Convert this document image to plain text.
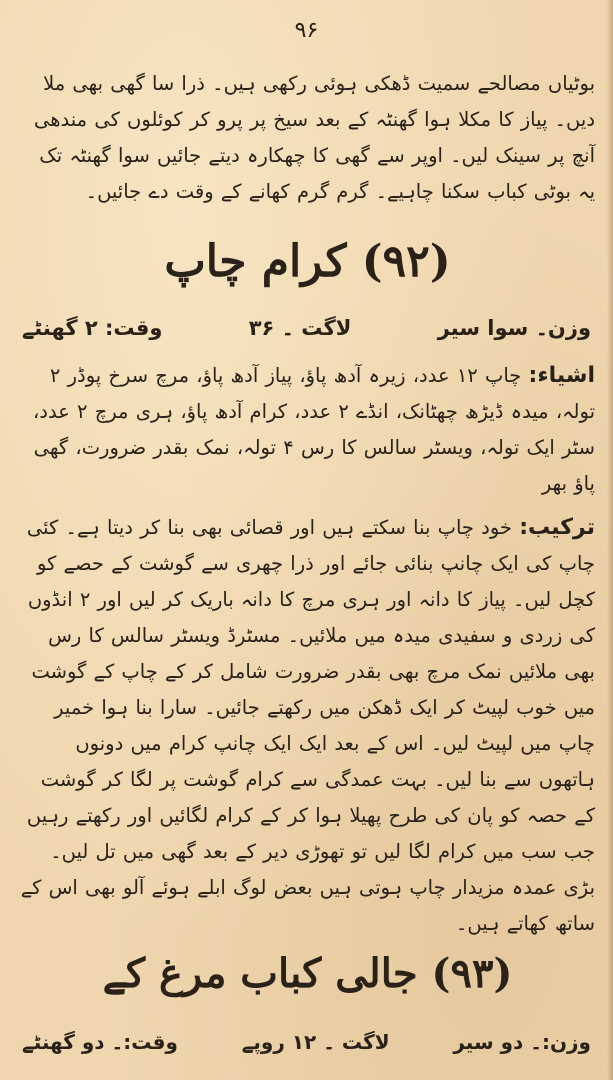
۹۶

بوٹیاں مصالحے سمیت ڈھکی ہوئی رکھی ہیں۔ ذرا سا گھی بھی ملا دیں۔ پیاز کا مکلا ہوا گھنٹہ کے بعد سیخ پر پرو کر کوئلوں کی مندھی آنچ پر سینک لیں۔ اوپر سے گھی کا چھکارہ دیتے جائیں سوا گھنٹہ تک یہ بوٹی کباب سکنا چاہیے۔ گرم گرم کھانے کے وقت دے جائیں۔

(۹۲) کرام چاپ
وزن۔ سوا سیر
لاگت ۔ ۳۶
وقت: ۲ گھنٹے

اشیاء: چاپ ۱۲ عدد، زیرہ آدھ پاؤ، پیاز آدھ پاؤ، مرچ سرخ پوڈر ۲ تولہ، میدہ ڈیڑھ چھٹانک، انڈے ۲ عدد، کرام آدھ پاؤ، ہری مرچ ۲ عدد، سٹر ایک تولہ، ویسٹر سالس کا رس ۴ تولہ، نمک بقدر ضرورت، گھی پاؤ بھر

ترکیب: خود چاپ بنا سکتے ہیں اور قصائی بھی بنا کر دیتا ہے۔ کئی چاپ کی ایک چانپ بنائی جائے اور ذرا چھری سے گوشت کے حصے کو کچل لیں۔ پیاز کا دانہ اور ہری مرچ کا دانہ باریک کر لیں اور ۲ انڈوں کی زردی و سفیدی میدہ میں ملائیں۔ مسٹرڈ ویسٹر سالس کا رس بھی ملائیں نمک مرچ بھی بقدر ضرورت شامل کر کے چاپ کے گوشت میں خوب لپیٹ کر ایک ڈھکن میں رکھتے جائیں۔ سارا بنا ہوا خمیر چاپ میں لپیٹ لیں۔ اس کے بعد ایک ایک چانپ کرام میں دونوں ہاتھوں سے بنا لیں۔ بہت عمدگی سے کرام گوشت پر لگا کر گوشت کے حصہ کو پان کی طرح پھیلا ہوا کر کے کرام لگائیں اور رکھتے رہیں جب سب میں کرام لگا لیں تو تھوڑی دیر کے بعد گھی میں تل لیں۔ بڑی عمدہ مزیدار چاپ ہوتی ہیں بعض لوگ ابلے ہوئے آلو بھی اس کے ساتھ کھاتے ہیں۔

(۹۳) جالی کباب مرغ کے
وزن:۔ دو سیر
لاگت ۔ ۱۲ روپے
وقت:۔ دو گھنٹے
